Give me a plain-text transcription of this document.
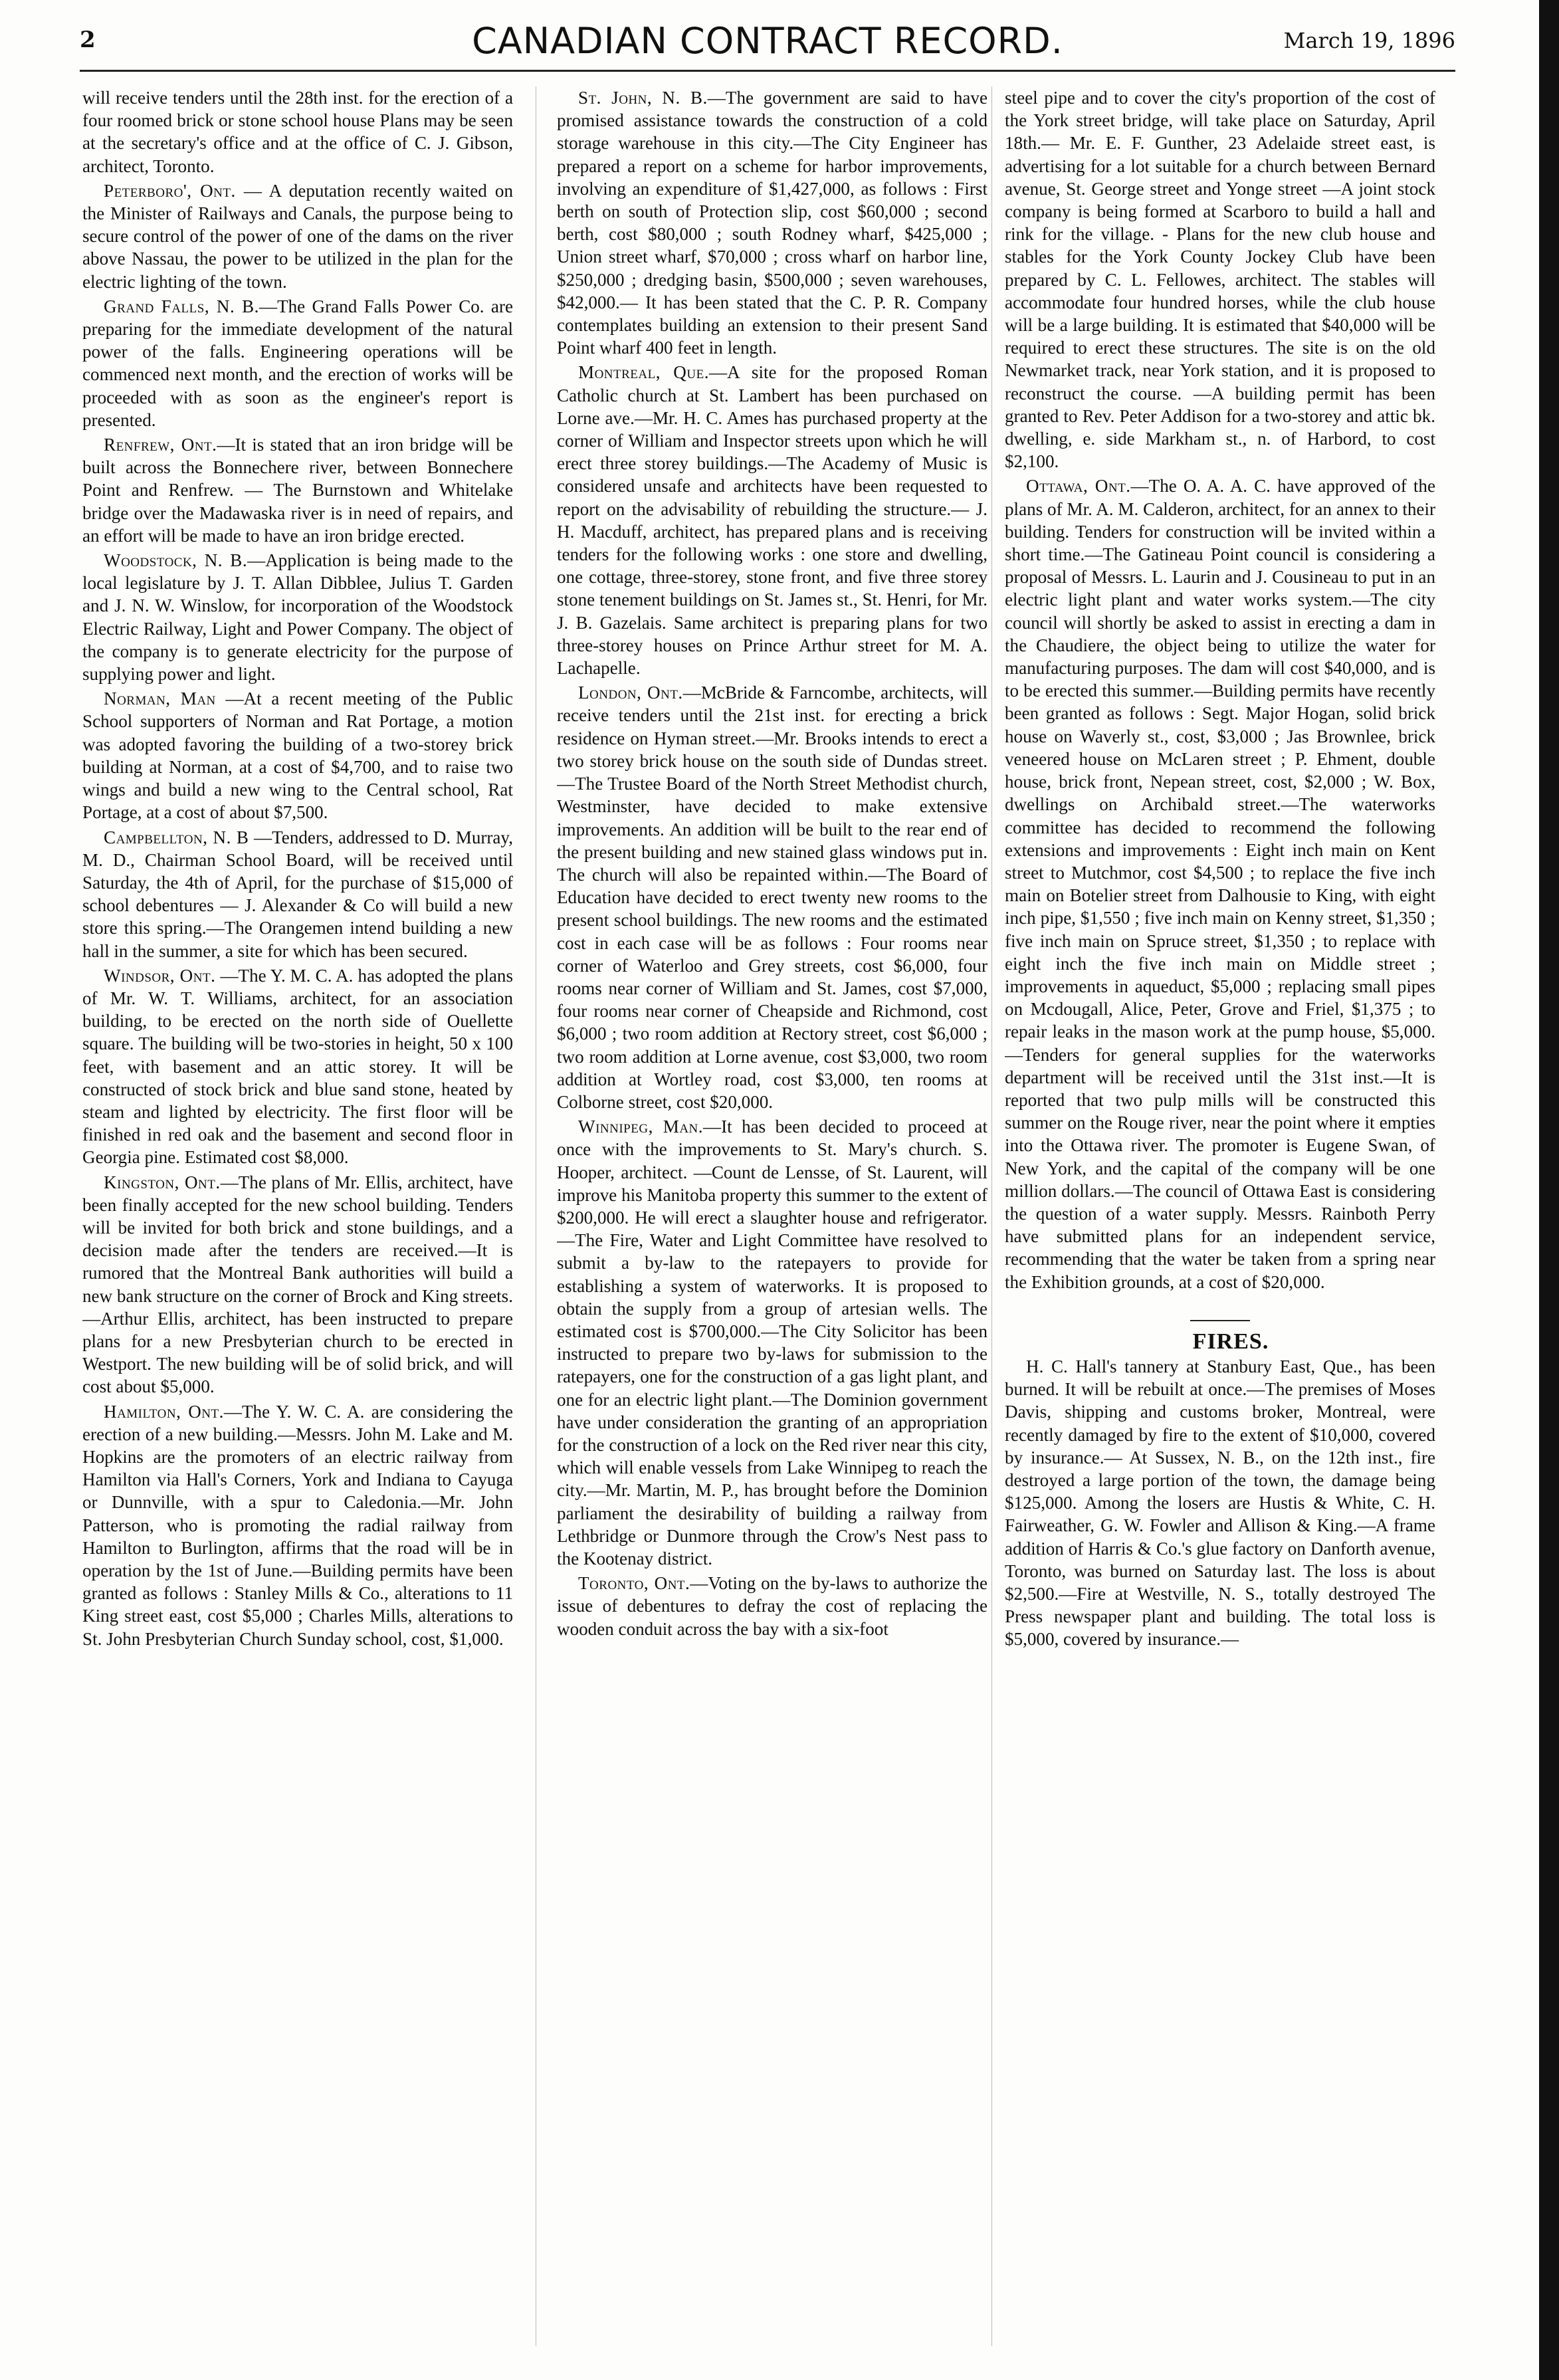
2	CANADIAN CONTRACT RECORD.	March 19, 1896

will receive tenders until the 28th inst. for the erection of a four roomed brick or stone school house Plans may be seen at the secretary's office and at the office of C. J. Gibson, architect, Toronto.

Peterboro', Ont. — A deputation recently waited on the Minister of Railways and Canals, the purpose being to secure control of the power of one of the dams on the river above Nassau, the power to be utilized in the plan for the electric lighting of the town.

Grand Falls, N. B.—The Grand Falls Power Co. are preparing for the immediate development of the natural power of the falls. Engineering operations will be commenced next month, and the erection of works will be proceeded with as soon as the engineer's report is presented.

Renfrew, Ont.—It is stated that an iron bridge will be built across the Bonnechere river, between Bonnechere Point and Renfrew. — The Burnstown and Whitelake bridge over the Madawaska river is in need of repairs, and an effort will be made to have an iron bridge erected.

Woodstock, N. B.—Application is being made to the local legislature by J. T. Allan Dibblee, Julius T. Garden and J. N. W. Winslow, for incorporation of the Woodstock Electric Railway, Light and Power Company. The object of the company is to generate electricity for the purpose of supplying power and light.

Norman, Man —At a recent meeting of the Public School supporters of Norman and Rat Portage, a motion was adopted favoring the building of a two-storey brick building at Norman, at a cost of $4,700, and to raise two wings and build a new wing to the Central school, Rat Portage, at a cost of about $7,500.

Campbellton, N. B —Tenders, addressed to D. Murray, M. D., Chairman School Board, will be received until Saturday, the 4th of April, for the purchase of $15,000 of school debentures — J. Alexander & Co will build a new store this spring.—The Orangemen intend building a new hall in the summer, a site for which has been secured.

Windsor, Ont. —The Y. M. C. A. has adopted the plans of Mr. W. T. Williams, architect, for an association building, to be erected on the north side of Ouellette square. The building will be two-stories in height, 50 x 100 feet, with basement and an attic storey. It will be constructed of stock brick and blue sand stone, heated by steam and lighted by electricity. The first floor will be finished in red oak and the basement and second floor in Georgia pine. Estimated cost $8,000.

Kingston, Ont.—The plans of Mr. Ellis, architect, have been finally accepted for the new school building. Tenders will be invited for both brick and stone buildings, and a decision made after the tenders are received.—It is rumored that the Montreal Bank authorities will build a new bank structure on the corner of Brock and King streets.—Arthur Ellis, architect, has been instructed to prepare plans for a new Presbyterian church to be erected in Westport. The new building will be of solid brick, and will cost about $5,000.

Hamilton, Ont.—The Y. W. C. A. are considering the erection of a new building.—Messrs. John M. Lake and M. Hopkins are the promoters of an electric railway from Hamilton via Hall's Corners, York and Indiana to Cayuga or Dunnville, with a spur to Caledonia.—Mr. John Patterson, who is promoting the radial railway from Hamilton to Burlington, affirms that the road will be in operation by the 1st of June.—Building permits have been granted as follows : Stanley Mills & Co., alterations to 11 King street east, cost $5,000 ; Charles Mills, alterations to St. John Presbyterian Church Sunday school, cost, $1,000.

St. John, N. B.—The government are said to have promised assistance towards the construction of a cold storage warehouse in this city.—The City Engineer has prepared a report on a scheme for harbor improvements, involving an expenditure of $1,427,000, as follows : First berth on south of Protection slip, cost $60,000 ; second berth, cost $80,000 ; south Rodney wharf, $425,000 ; Union street wharf, $70,000 ; cross wharf on harbor line, $250,000 ; dredging basin, $500,000 ; seven warehouses, $42,000.— It has been stated that the C. P. R. Company contemplates building an extension to their present Sand Point wharf 400 feet in length.

Montreal, Que.—A site for the proposed Roman Catholic church at St. Lambert has been purchased on Lorne ave.—Mr. H. C. Ames has purchased property at the corner of William and Inspector streets upon which he will erect three storey buildings.—The Academy of Music is considered unsafe and architects have been requested to report on the advisability of rebuilding the structure.— J. H. Macduff, architect, has prepared plans and is receiving tenders for the following works : one store and dwelling, one cottage, three-storey, stone front, and five three storey stone tenement buildings on St. James st., St. Henri, for Mr. J. B. Gazelais. Same architect is preparing plans for two three-storey houses on Prince Arthur street for M. A. Lachapelle.

London, Ont.—McBride & Farncombe, architects, will receive tenders until the 21st inst. for erecting a brick residence on Hyman street.—Mr. Brooks intends to erect a two storey brick house on the south side of Dundas street.—The Trustee Board of the North Street Methodist church, Westminster, have decided to make extensive improvements. An addition will be built to the rear end of the present building and new stained glass windows put in. The church will also be repainted within.—The Board of Education have decided to erect twenty new rooms to the present school buildings. The new rooms and the estimated cost in each case will be as follows : Four rooms near corner of Waterloo and Grey streets, cost $6,000, four rooms near corner of William and St. James, cost $7,000, four rooms near corner of Cheapside and Richmond, cost $6,000 ; two room addition at Rectory street, cost $6,000 ; two room addition at Lorne avenue, cost $3,000, two room addition at Wortley road, cost $3,000, ten rooms at Colborne street, cost $20,000.

Winnipeg, Man.—It has been decided to proceed at once with the improvements to St. Mary's church. S. Hooper, architect. —Count de Lensse, of St. Laurent, will improve his Manitoba property this summer to the extent of $200,000. He will erect a slaughter house and refrigerator.—The Fire, Water and Light Committee have resolved to submit a by-law to the ratepayers to provide for establishing a system of waterworks. It is proposed to obtain the supply from a group of artesian wells. The estimated cost is $700,000.—The City Solicitor has been instructed to prepare two by-laws for submission to the ratepayers, one for the construction of a gas light plant, and one for an electric light plant.—The Dominion government have under consideration the granting of an appropriation for the construction of a lock on the Red river near this city, which will enable vessels from Lake Winnipeg to reach the city.—Mr. Martin, M. P., has brought before the Dominion parliament the desirability of building a railway from Lethbridge or Dunmore through the Crow's Nest pass to the Kootenay district.

Toronto, Ont.—Voting on the by-laws to authorize the issue of debentures to defray the cost of replacing the wooden conduit across the bay with a six-foot

steel pipe and to cover the city's proportion of the cost of the York street bridge, will take place on Saturday, April 18th.— Mr. E. F. Gunther, 23 Adelaide street east, is advertising for a lot suitable for a church between Bernard avenue, St. George street and Yonge street —A joint stock company is being formed at Scarboro to build a hall and rink for the village. - Plans for the new club house and stables for the York County Jockey Club have been prepared by C. L. Fellowes, architect. The stables will accommodate four hundred horses, while the club house will be a large building. It is estimated that $40,000 will be required to erect these structures. The site is on the old Newmarket track, near York station, and it is proposed to reconstruct the course. —A building permit has been granted to Rev. Peter Addison for a two-storey and attic bk. dwelling, e. side Markham st., n. of Harbord, to cost $2,100.

Ottawa, Ont.—The O. A. A. C. have approved of the plans of Mr. A. M. Calderon, architect, for an annex to their building. Tenders for construction will be invited within a short time.—The Gatineau Point council is considering a proposal of Messrs. L. Laurin and J. Cousineau to put in an electric light plant and water works system.—The city council will shortly be asked to assist in erecting a dam in the Chaudiere, the object being to utilize the water for manufacturing purposes. The dam will cost $40,000, and is to be erected this summer.—Building permits have recently been granted as follows : Segt. Major Hogan, solid brick house on Waverly st., cost, $3,000 ; Jas Brownlee, brick veneered house on McLaren street ; P. Ehment, double house, brick front, Nepean street, cost, $2,000 ; W. Box, dwellings on Archibald street.—The waterworks committee has decided to recommend the following extensions and improvements : Eight inch main on Kent street to Mutchmor, cost $4,500 ; to replace the five inch main on Botelier street from Dalhousie to King, with eight inch pipe, $1,550 ; five inch main on Kenny street, $1,350 ; five inch main on Spruce street, $1,350 ; to replace with eight inch the five inch main on Middle street ; improvements in aqueduct, $5,000 ; replacing small pipes on Mcdougall, Alice, Peter, Grove and Friel, $1,375 ; to repair leaks in the mason work at the pump house, $5,000.—Tenders for general supplies for the waterworks department will be received until the 31st inst.—It is reported that two pulp mills will be constructed this summer on the Rouge river, near the point where it empties into the Ottawa river. The promoter is Eugene Swan, of New York, and the capital of the company will be one million dollars.—The council of Ottawa East is considering the question of a water supply. Messrs. Rainboth Perry have submitted plans for an independent service, recommending that the water be taken from a spring near the Exhibition grounds, at a cost of $20,000.

FIRES.

H. C. Hall's tannery at Stanbury East, Que., has been burned. It will be rebuilt at once.—The premises of Moses Davis, shipping and customs broker, Montreal, were recently damaged by fire to the extent of $10,000, covered by insurance.— At Sussex, N. B., on the 12th inst., fire destroyed a large portion of the town, the damage being $125,000. Among the losers are Hustis & White, C. H. Fairweather, G. W. Fowler and Allison & King.—A frame addition of Harris & Co.'s glue factory on Danforth avenue, Toronto, was burned on Saturday last. The loss is about $2,500.—Fire at Westville, N. S., totally destroyed The Press newspaper plant and building. The total loss is $5,000, covered by insurance.—
